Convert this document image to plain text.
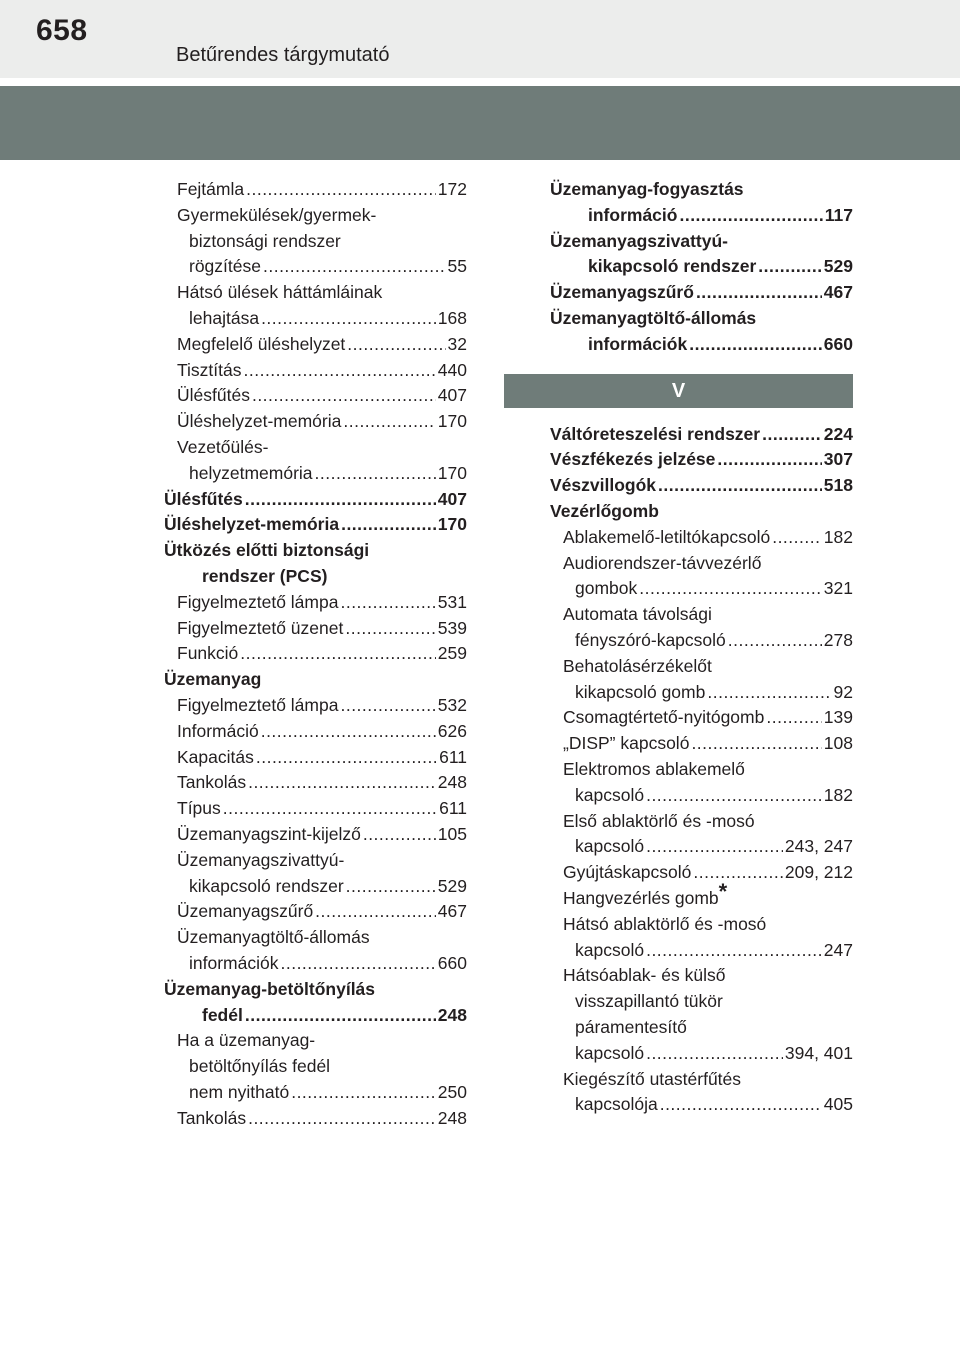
658
Betűrendes tárgymutató
Fejtámla .....	172
Gyermekülések/gyermek-
biztonsági rendszer
rögzítése .....	55
Hátsó ülések háttámláinak
lehajtása .....	168
Megfelelő üléshelyzet .....	32
Tisztítás .....	440
Ülésfűtés .....	407
Üléshelyzet-memória .....	170
Vezetőülés-
helyzetmemória .....	170
Ülésfűtés .....	407
Üléshelyzet-memória .....	170
Ütközés előtti biztonsági
rendszer (PCS)
Figyelmeztető lámpa .....	531
Figyelmeztető üzenet .....	539
Funkció .....	259
Üzemanyag
Figyelmeztető lámpa .....	532
Információ .....	626
Kapacitás .....	611
Tankolás .....	248
Típus .....	611
Üzemanyagszint-kijelző .....	105
Üzemanyagszivattyú-
kikapcsoló rendszer .....	529
Üzemanyagszűrő .....	467
Üzemanyagtöltő-állomás
információk .....	660
Üzemanyag-betöltőnyílás
fedél .....	248
Ha a üzemanyag-
betöltőnyílás fedél
nem nyitható .....	250
Tankolás .....	248
Üzemanyag-fogyasztás
információ .....	117
Üzemanyagszivattyú-
kikapcsoló rendszer .....	529
Üzemanyagszűrő .....	467
Üzemanyagtöltő-állomás
információk .....	660
V
Váltóreteszelési rendszer .....	224
Vészfékezés jelzése .....	307
Vészvillogók .....	518
Vezérlőgomb
Ablakemelő-letiltókapcsoló .....	182
Audiorendszer-távvezérlő
gombok .....	321
Automata távolsági
fényszóró-kapcsoló .....	278
Behatolásérzékelőt
kikapcsoló gomb .....	92
Csomagtértető-nyitógomb .....	139
„DISP” kapcsoló .....	108
Elektromos ablakemelő
kapcsoló .....	182
Első ablaktörlő és -mosó
kapcsoló .....	243, 247
Gyújtáskapcsoló .....	209, 212
Hangvezérlés gomb*
Hátsó ablaktörlő és -mosó
kapcsoló .....	247
Hátsóablak- és külső
visszapillantó tükör
páramentesítő
kapcsoló .....	394, 401
Kiegészítő utastérfűtés
kapcsolója .....	405
